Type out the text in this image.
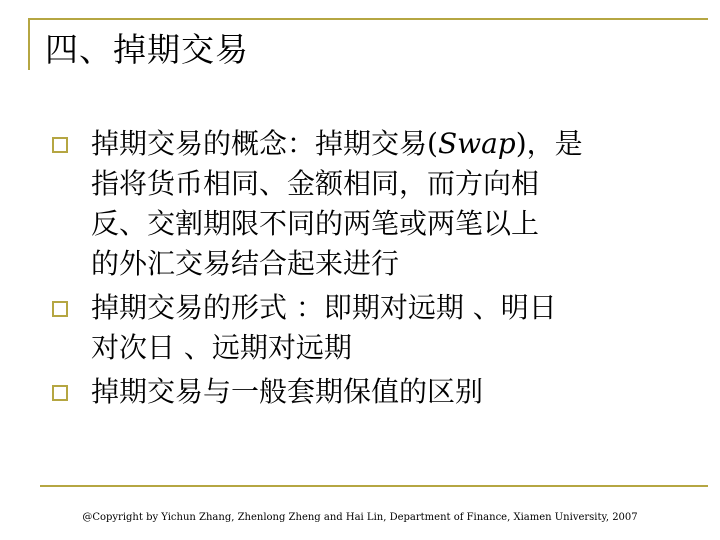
四、掉期交易
掉期交易的概念：掉期交易(Swap)，是
指将货币相同、金额相同，而方向相
反、交割期限不同的两笔或两笔以上
的外汇交易结合起来进行
掉期交易的形式 ：即期对远期 、明日
对次日 、远期对远期
掉期交易与一般套期保值的区别
@Copyright by Yichun Zhang, Zhenlong Zheng and Hai Lin, Department of Finance, Xiamen University, 2007
